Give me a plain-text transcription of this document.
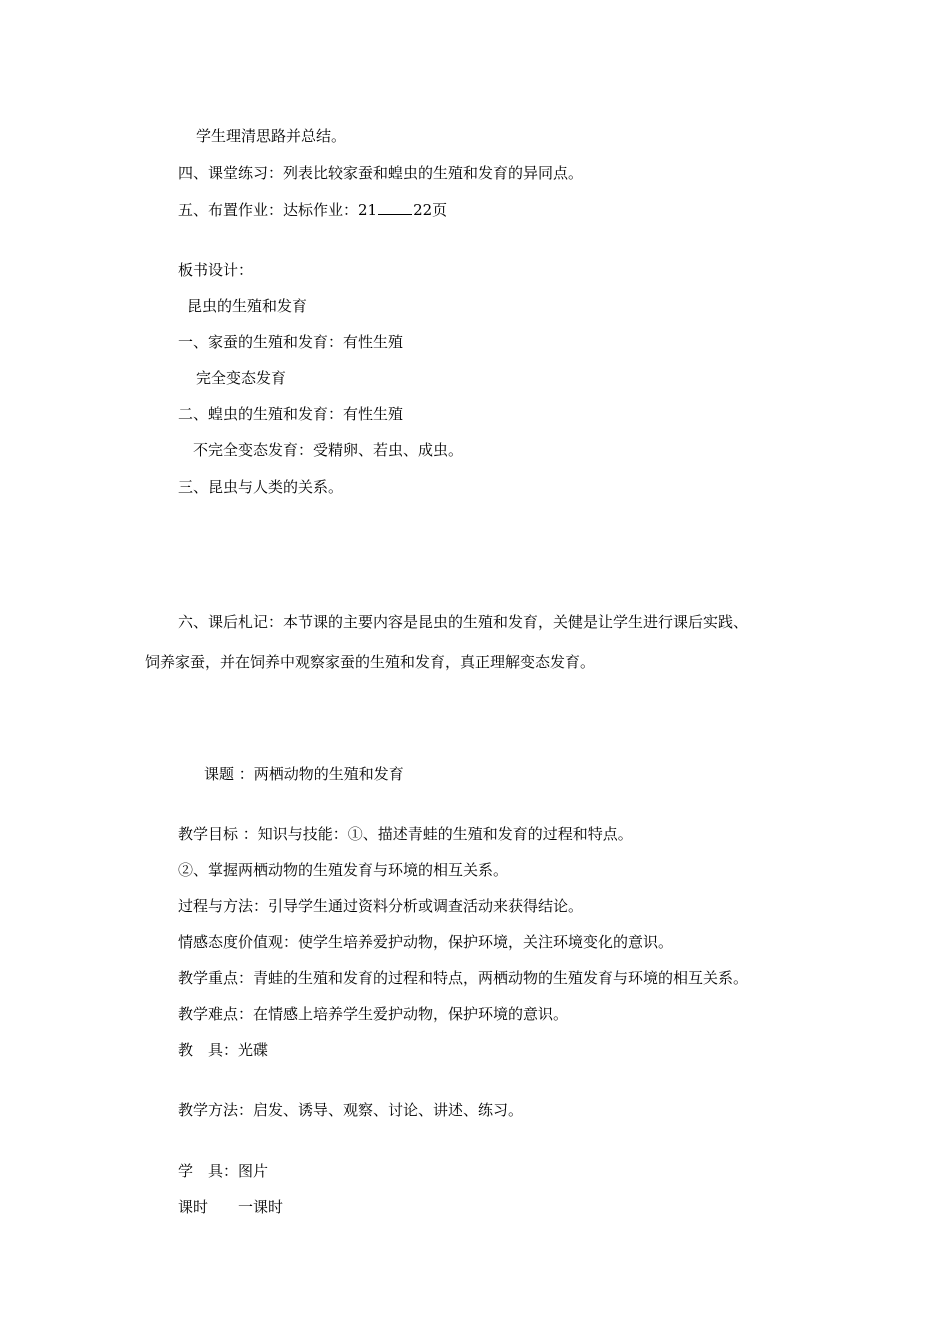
学生理清思路并总结。
四、课堂练习：列表比较家蚕和蝗虫的生殖和发育的异同点。
五、布置作业：达标作业：21 22页
板书设计：
昆虫的生殖和发育
一、家蚕的生殖和发育：有性生殖
完全变态发育
二、蝗虫的生殖和发育：有性生殖
不完全变态发育：受精卵、若虫、成虫。
三、昆虫与人类的关系。
六、课后札记：本节课的主要内容是昆虫的生殖和发育，关健是让学生进行课后实践、
饲养家蚕，并在饲养中观察家蚕的生殖和发育，真正理解变态发育。
课题 ：两栖动物的生殖和发育
教学目标 ：知识与技能：①、描述青蛙的生殖和发育的过程和特点。
②、掌握两栖动物的生殖发育与环境的相互关系。
过程与方法：引导学生通过资料分析或调查活动来获得结论。
情感态度价值观：使学生培养爱护动物，保护环境，关注环境变化的意识。
教学重点：青蛙的生殖和发育的过程和特点，两栖动物的生殖发育与环境的相互关系。
教学难点：在情感上培养学生爱护动物，保护环境的意识。
教　具：光碟
教学方法：启发、诱导、观察、讨论、讲述、练习。
学　具：图片
课时　　一课时
